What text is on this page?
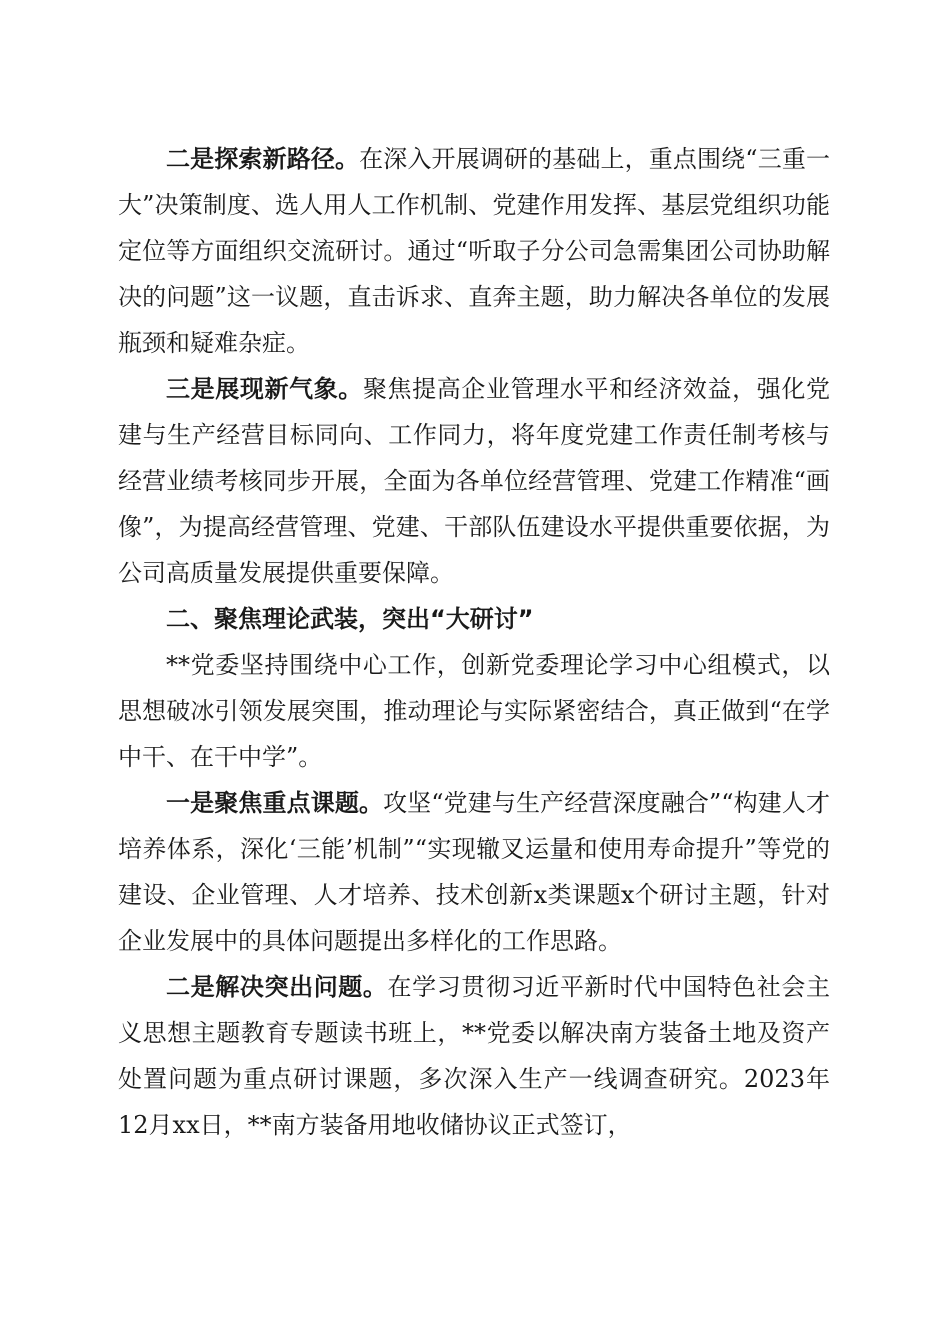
二是探索新路径。在深入开展调研的基础上，重点围绕“三重一大”决策制度、选人用人工作机制、党建作用发挥、基层党组织功能定位等方面组织交流研讨。通过“听取子分公司急需集团公司协助解决的问题”这一议题，直击诉求、直奔主题，助力解决各单位的发展瓶颈和疑难杂症。

三是展现新气象。聚焦提高企业管理水平和经济效益，强化党建与生产经营目标同向、工作同力，将年度党建工作责任制考核与经营业绩考核同步开展，全面为各单位经营管理、党建工作精准“画像”，为提高经营管理、党建、干部队伍建设水平提供重要依据，为公司高质量发展提供重要保障。

二、聚焦理论武装，突出“大研讨”

**党委坚持围绕中心工作，创新党委理论学习中心组模式，以思想破冰引领发展突围，推动理论与实际紧密结合，真正做到“在学中干、在干中学”。

一是聚焦重点课题。攻坚“党建与生产经营深度融合”“构建人才培养体系，深化‘三能’机制”“实现辙叉运量和使用寿命提升”等党的建设、企业管理、人才培养、技术创新x类课题x个研讨主题，针对企业发展中的具体问题提出多样化的工作思路。

二是解决突出问题。在学习贯彻习近平新时代中国特色社会主义思想主题教育专题读书班上，**党委以解决南方装备土地及资产处置问题为重点研讨课题，多次深入生产一线调查研究。2023年12月xx日，**南方装备用地收储协议正式签订，
